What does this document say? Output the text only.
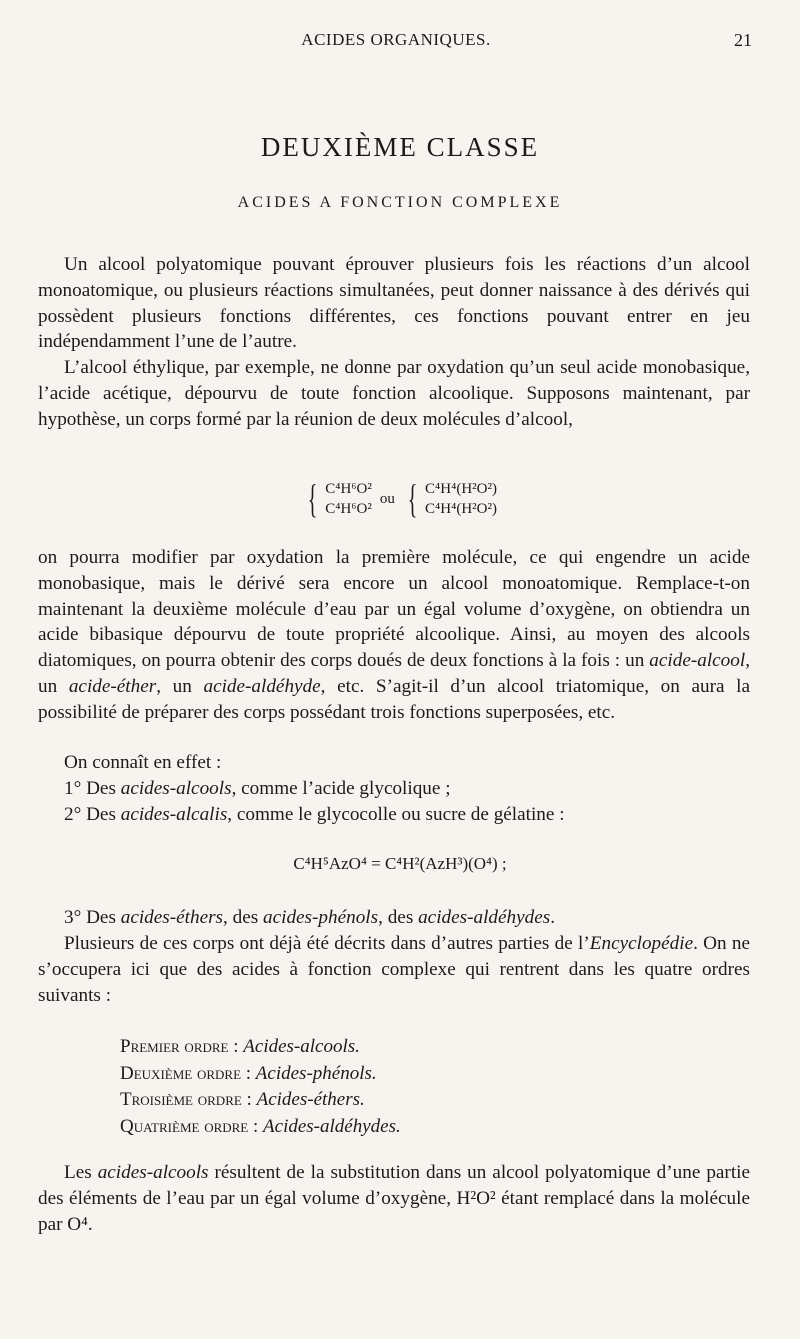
ACIDES ORGANIQUES.	21
DEUXIÈME CLASSE
ACIDES A FONCTION COMPLEXE

Un alcool polyatomique pouvant éprouver plusieurs fois les réactions d’un alcool monoatomique, ou plusieurs réactions simultanées, peut donner naissance à des dérivés qui possèdent plusieurs fonctions différentes, ces fonctions pouvant entrer en jeu indépendamment l’une de l’autre.

L’alcool éthylique, par exemple, ne donne par oxydation qu’un seul acide monobasique, l’acide acétique, dépourvu de toute fonction alcoolique. Supposons maintenant, par hypothèse, un corps formé par la réunion de deux molécules d’alcool,

{ C⁴H⁶O²
C⁴H⁶O²
ou { C⁴H⁴(H²O²)
C⁴H⁴(H²O²)

on pourra modifier par oxydation la première molécule, ce qui engendre un acide monobasique, mais le dérivé sera encore un alcool monoatomique. Remplace-t-on maintenant la deuxième molécule d’eau par un égal volume d’oxygène, on obtiendra un acide bibasique dépourvu de toute propriété alcoolique. Ainsi, au moyen des alcools diatomiques, on pourra obtenir des corps doués de deux fonctions à la fois : un acide-alcool, un acide-éther, un acide-aldéhyde, etc. S’agit-il d’un alcool triatomique, on aura la possibilité de préparer des corps possédant trois fonctions superposées, etc.

On connaît en effet :

1° Des acides-alcools, comme l’acide glycolique ;

2° Des acides-alcalis, comme le glycocolle ou sucre de gélatine :

C⁴H⁵AzO⁴ = C⁴H²(AzH³)(O⁴) ;

3° Des acides-éthers, des acides-phénols, des acides-aldéhydes.

Plusieurs de ces corps ont déjà été décrits dans d’autres parties de l’Encyclopédie. On ne s’occupera ici que des acides à fonction complexe qui rentrent dans les quatre ordres suivants :

Premier ordre : Acides-alcools.
Deuxième ordre : Acides-phénols.
Troisième ordre : Acides-éthers.
Quatrième ordre : Acides-aldéhydes.

Les acides-alcools résultent de la substitution dans un alcool polyatomique d’une partie des éléments de l’eau par un égal volume d’oxygène, H²O² étant remplacé dans la molécule par O⁴.
